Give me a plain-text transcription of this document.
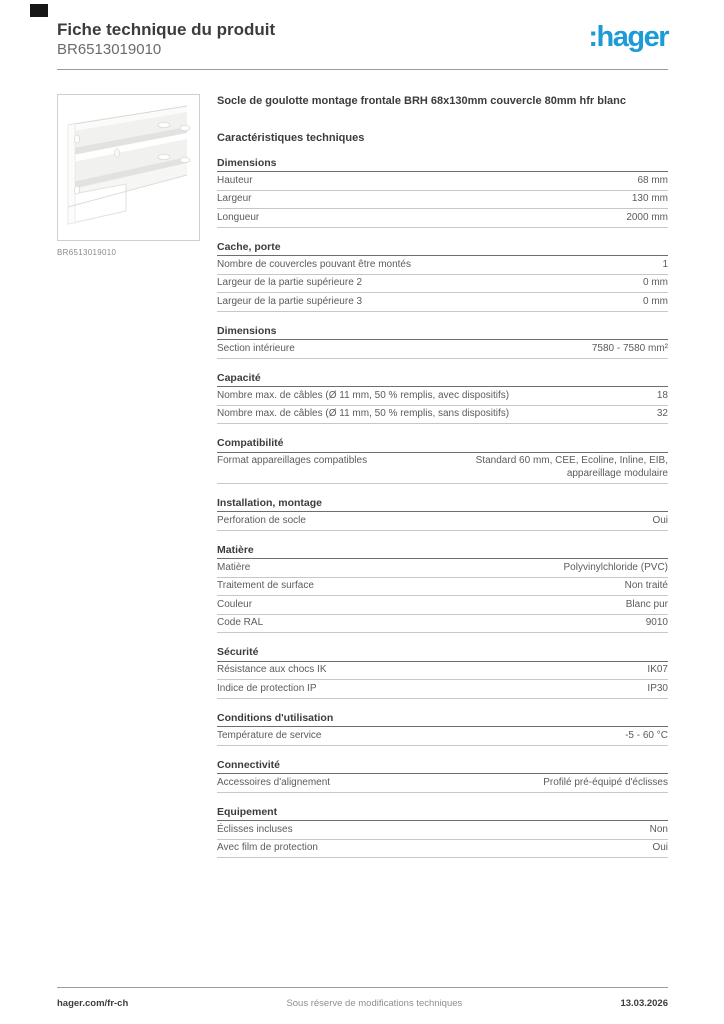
Fiche technique du produit
BR6513019010	:hager
BR6513019010
Socle de goulotte montage frontale BRH 68x130mm couvercle 80mm hfr blanc
Caractéristiques techniques
Dimensions
Hauteur	68 mm
Largeur	130 mm
Longueur	2000 mm
Cache, porte
Nombre de couvercles pouvant être montés	1
Largeur de la partie supérieure 2	0 mm
Largeur de la partie supérieure 3	0 mm
Dimensions
Section intérieure	7580 - 7580 mm²
Capacité
Nombre max. de câbles (Ø 11 mm, 50 % remplis, avec dispositifs)	18
Nombre max. de câbles (Ø 11 mm, 50 % remplis, sans dispositifs)	32
Compatibilité
Format appareillages compatibles	Standard 60 mm, CEE, Ecoline, Inline, EIB, appareillage modulaire
Installation, montage
Perforation de socle	Oui
Matière
Matière	Polyvinylchloride (PVC)
Traitement de surface	Non traité
Couleur	Blanc pur
Code RAL	9010
Sécurité
Résistance aux chocs IK	IK07
Indice de protection IP	IP30
Conditions d'utilisation
Température de service	-5 - 60 °C
Connectivité
Accessoires d'alignement	Profilé pré-équipé d'éclisses
Equipement
Éclisses incluses	Non
Avec film de protection	Oui
hager.com/fr-ch	Sous réserve de modifications techniques	13.03.2026
